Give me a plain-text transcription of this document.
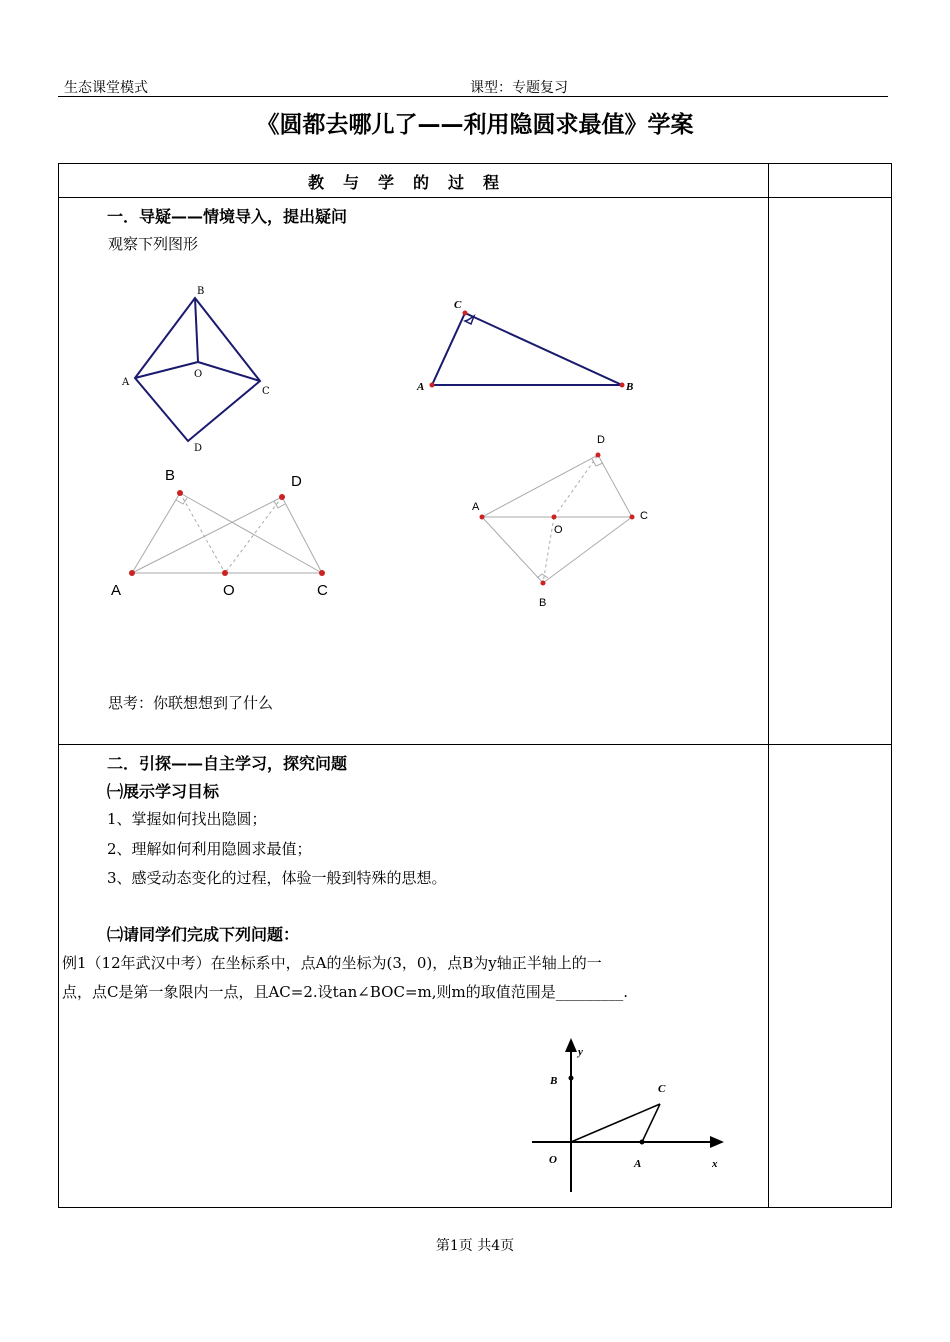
生态课堂模式	课型：专题复习
《圆都去哪儿了——利用隐圆求最值》学案
教与学的过程
一．导疑——情境导入，提出疑问
观察下列图形
B
O
A
C
D
C
A	B
B	D
A	O	C
D
A
O
C
B
思考：你联想想到了什么
二．引探——自主学习，探究问题
㈠展示学习目标
1、掌握如何找出隐圆；
2、理解如何利用隐圆求最值；
3、感受动态变化的过程，体验一般到特殊的思想。
㈡请同学们完成下列问题：
例1（12年武汉中考）在坐标系中，点A的坐标为(3，0)，点B为y轴正半轴上的一
点，点C是第一象限内一点，且AC=2.设tan∠BOC=m,则m的取值范围是_________.
y
B
C
O	A	x
第1页 共4页
